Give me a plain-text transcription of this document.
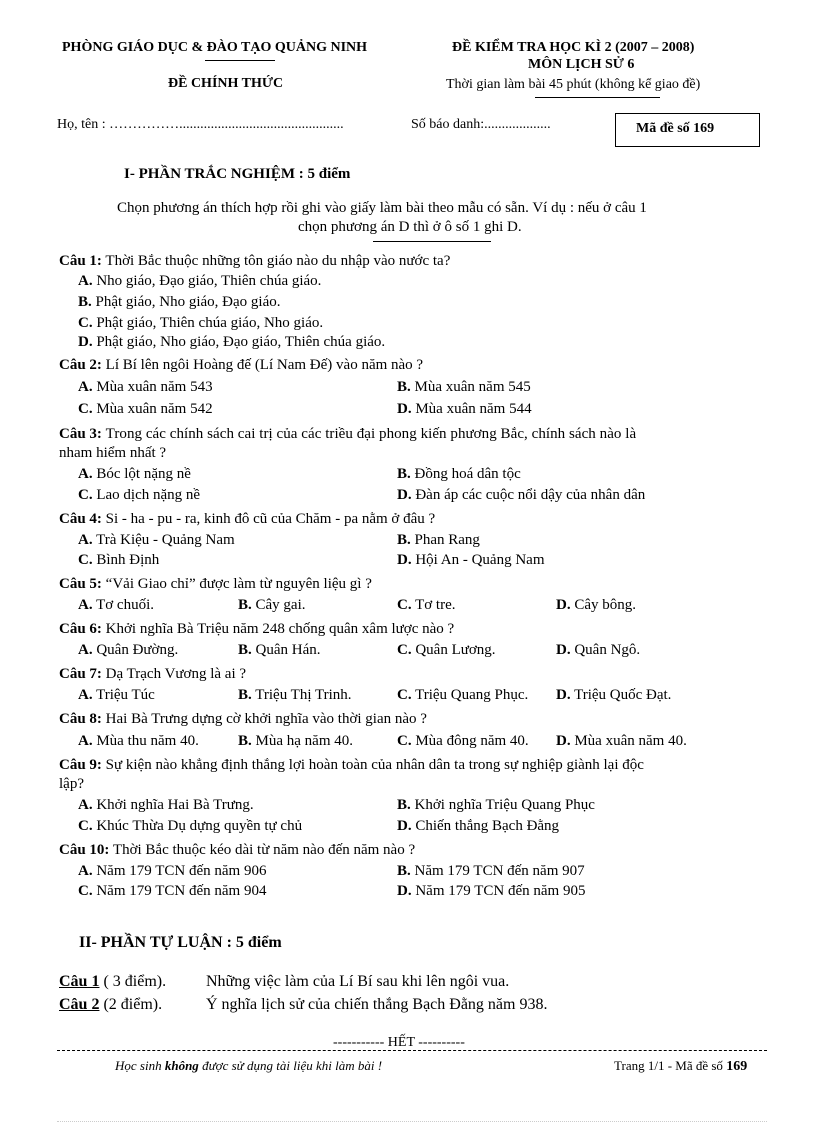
PHÒNG GIÁO DỤC & ĐÀO TẠO QUẢNG NINH
ĐỀ CHÍNH THỨC
ĐỀ KIỂM TRA HỌC KÌ 2 (2007 – 2008)
MÔN LỊCH SỬ 6
Thời gian làm bài 45 phút (không kể giao đề)
Họ, tên : ……………...............................................	Số báo danh:...................	Mã đề số 169
I- PHẦN TRẮC NGHIỆM : 5 điểm
Chọn phương án thích hợp rồi ghi vào giấy làm bài theo mẫu có sẵn. Ví dụ : nếu ở câu 1
chọn phương án D thì ở ô số 1 ghi D.
Câu 1: Thời Bắc thuộc những tôn giáo nào du nhập vào nước ta?
A. Nho giáo, Đạo giáo, Thiên chúa giáo.
B. Phật giáo, Nho giáo, Đạo giáo.
C. Phật giáo, Thiên chúa giáo, Nho giáo.
D. Phật giáo, Nho giáo, Đạo giáo, Thiên chúa giáo.
Câu 2: Lí Bí lên ngôi Hoàng đế (Lí Nam Đế) vào năm nào ?
A. Mùa xuân năm 543	B. Mùa xuân năm 545
C. Mùa xuân năm 542	D. Mùa xuân năm 544
Câu 3: Trong các chính sách cai trị của các triều đại phong kiến phương Bắc, chính sách nào là
nham hiểm nhất ?
A. Bóc lột nặng nề	B. Đồng hoá dân tộc
C. Lao dịch nặng nề	D. Đàn áp các cuộc nổi dậy của nhân dân
Câu 4: Si - ha - pu - ra, kinh đô cũ của Chăm - pa nằm ở đâu ?
A. Trà Kiệu - Quảng Nam	B. Phan Rang
C. Bình Định	D. Hội An - Quảng Nam
Câu 5: “Vải Giao chỉ” được làm từ nguyên liệu gì ?
A. Tơ chuối.	B. Cây gai.	C. Tơ tre.	D. Cây bông.
Câu 6: Khởi nghĩa Bà Triệu năm 248 chống quân xâm lược nào ?
A. Quân Đường.	B. Quân Hán.	C. Quân Lương.	D. Quân Ngô.
Câu 7: Dạ Trạch Vương là ai ?
A. Triệu Túc	B. Triệu Thị Trinh.	C. Triệu Quang Phục. D. Triệu Quốc Đạt.
Câu 8: Hai Bà Trưng dựng cờ khởi nghĩa vào thời gian nào ?
A. Mùa thu năm 40.	B. Mùa hạ năm 40.	C. Mùa đông năm 40. D. Mùa xuân năm 40.
Câu 9: Sự kiện nào khẳng định thắng lợi hoàn toàn của nhân dân ta trong sự nghiệp giành lại độc
lập?
A. Khởi nghĩa Hai Bà Trưng.	B. Khởi nghĩa Triệu Quang Phục
C. Khúc Thừa Dụ dựng quyền tự chủ	D. Chiến thắng Bạch Đằng
Câu 10: Thời Bắc thuộc kéo dài từ năm nào đến năm nào ?
A. Năm 179 TCN đến năm 906	B. Năm 179 TCN đến năm 907
C. Năm 179 TCN đến năm 904	D. Năm 179 TCN đến năm 905
II- PHẦN TỰ LUẬN : 5 điểm
Câu 1 ( 3 điểm). Những việc làm của Lí Bí sau khi lên ngôi vua.
Câu 2 (2 điểm).	Ý nghĩa lịch sử của chiến thắng Bạch Đằng năm 938.
----------- HẾT ----------
Học sinh không được sử dụng tài liệu khi làm bài !	Trang 1/1 - Mã đề số 169
